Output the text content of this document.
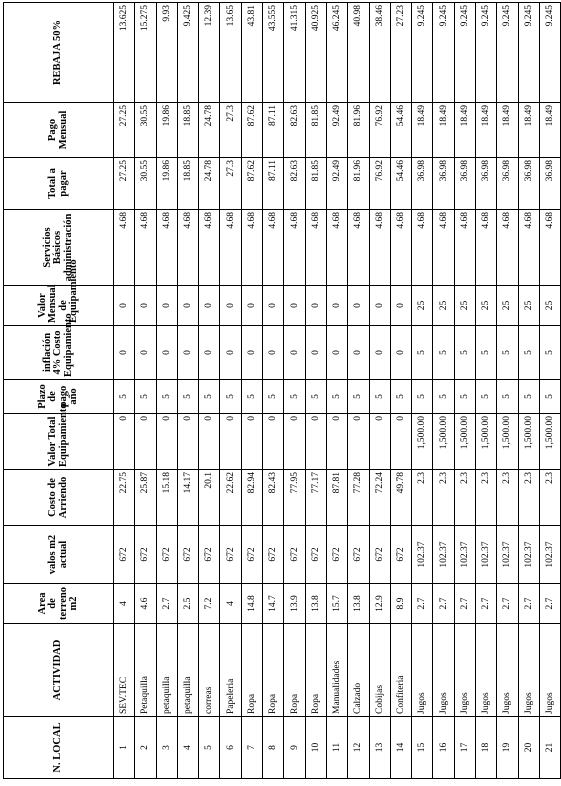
N. LOCAL	ACTIVIDAD	Area de terreno m2	valos m2 actual	Costo de Arriendo	Valor Total Equipamiento	Plazo de pago año	inflación 4% Costo Equipamiento	Valor Mensual de Equipamiento	Servicios Básicos administración	Total a pagar	Pago Mensual	REBAJA 50%
1	SEV.TEC	4	672	22.75	0	5	0	0	4.68	27.25	27.25	13.625
2	Petaquilla	4.6	672	25.87	0	5	0	0	4.68	30.55	30.55	15.275
3	petaquilla	2.7	672	15.18	0	5	0	0	4.68	19.86	19.86	9.93
4	petaquilla	2.5	672	14.17	0	5	0	0	4.68	18.85	18.85	9.425
5	correas	7.2	672	20.1	0	5	0	0	4.68	24.78	24.78	12.39
6	Papeleria	4	672	22.62	0	5	0	0	4.68	27.3	27.3	13.65
7	Ropa	14.8	672	82.94	0	5	0	0	4.68	87.62	87.62	43.81
8	Ropa	14.7	672	82.43	0	5	0	0	4.68	87.11	87.11	43.555
9	Ropa	13.9	672	77.95	0	5	0	0	4.68	82.63	82.63	41.315
10	Ropa	13.8	672	77.17	0	5	0	0	4.68	81.85	81.85	40.925
11	Manualidades	15.7	672	87.81	0	5	0	0	4.68	92.49	92.49	46.245
12	Calzado	13.8	672	77.28	0	5	0	0	4.68	81.96	81.96	40.98
13	Cobijas	12.9	672	72.24	0	5	0	0	4.68	76.92	76.92	38.46
14	Confiteria	8.9	672	49.78	0	5	0	0	4.68	54.46	54.46	27.23
15	Jugos	2.7	102.37	2.3	1,500.00	5	5	25	4.68	36.98	18.49	9.245
16	Jugos	2.7	102.37	2.3	1,500.00	5	5	25	4.68	36.98	18.49	9.245
17	Jugos	2.7	102.37	2.3	1,500.00	5	5	25	4.68	36.98	18.49	9.245
18	Jugos	2.7	102.37	2.3	1,500.00	5	5	25	4.68	36.98	18.49	9.245
19	Jugos	2.7	102.37	2.3	1,500.00	5	5	25	4.68	36.98	18.49	9.245
20	Jugos	2.7	102.37	2.3	1,500.00	5	5	25	4.68	36.98	18.49	9.245
21	Jugos	2.7	102.37	2.3	1,500.00	5	5	25	4.68	36.98	18.49	9.245
